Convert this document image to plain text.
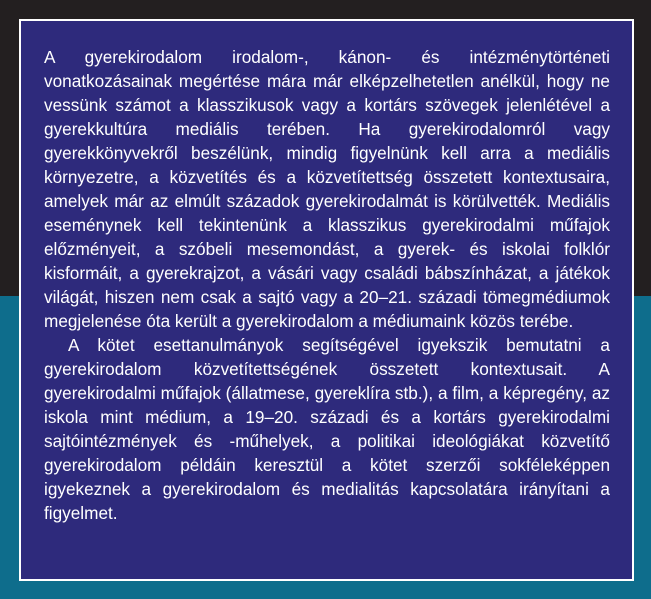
A gyerekirodalom irodalom-, kánon- és intézménytörténeti vonatkozásainak megértése mára már elképzelhetetlen anélkül, hogy ne vessünk számot a klasszikusok vagy a kortárs szövegek jelenlétével a gyerekkultúra mediális terében. Ha gyerekirodalomról vagy gyerekkönyvekről beszélünk, mindig figyelnünk kell arra a mediális környezetre, a közvetítés és a közvetítettség összetett kontextusaira, amelyek már az elmúlt századok gyerekirodalmát is körülvették. Mediális eseménynek kell tekintenünk a klasszikus gyerekirodalmi műfajok előzményeit, a szóbeli mesemondást, a gyerek- és iskolai folklór kisformáit, a gyerekrajzot, a vásári vagy családi bábszínházat, a játékok világát, hiszen nem csak a sajtó vagy a 20–21. századi tömegmédiumok megjelenése óta került a gyerekirodalom a médiumaink közös terébe.

A kötet esettanulmányok segítségével igyekszik bemutatni a gyerekirodalom közvetítettségének összetett kontextusait. A gyerekirodalmi műfajok (állatmese, gyereklíra stb.), a film, a képregény, az iskola mint médium, a 19–20. századi és a kortárs gyerekirodalmi sajtóintézmények és -műhelyek, a politikai ideológiákat közvetítő gyerekirodalom példáin keresztül a kötet szerzői sokféleképpen igyekeznek a gyerekirodalom és medialitás kapcsolatára irányítani a figyelmet.
